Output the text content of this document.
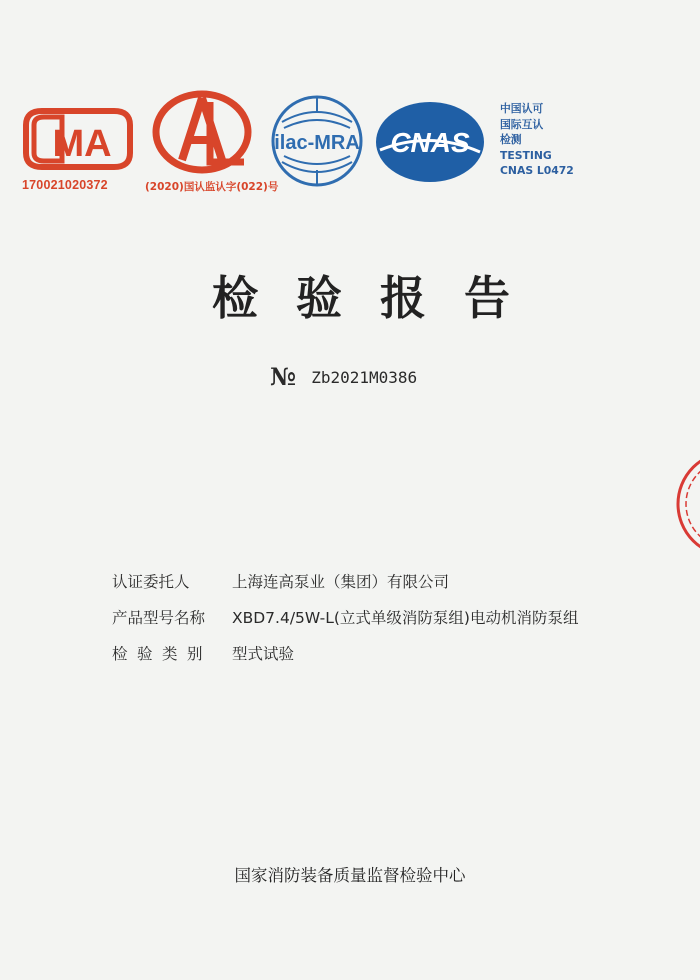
MA
170021020372
CAL
(2020)国认监认字(022)号
ilac-MRA CNAS
中国认可
国际互认
检测
TESTING
CNAS L0472
检验报告
№ Zb2021M0386
认证委托人	上海连高泵业（集团）有限公司
产品型号名称	XBD7.4/5W-L(立式单级消防泵组)电动机消防泵组
检验类别	型式试验
国家消防装备质量监督检验中心
